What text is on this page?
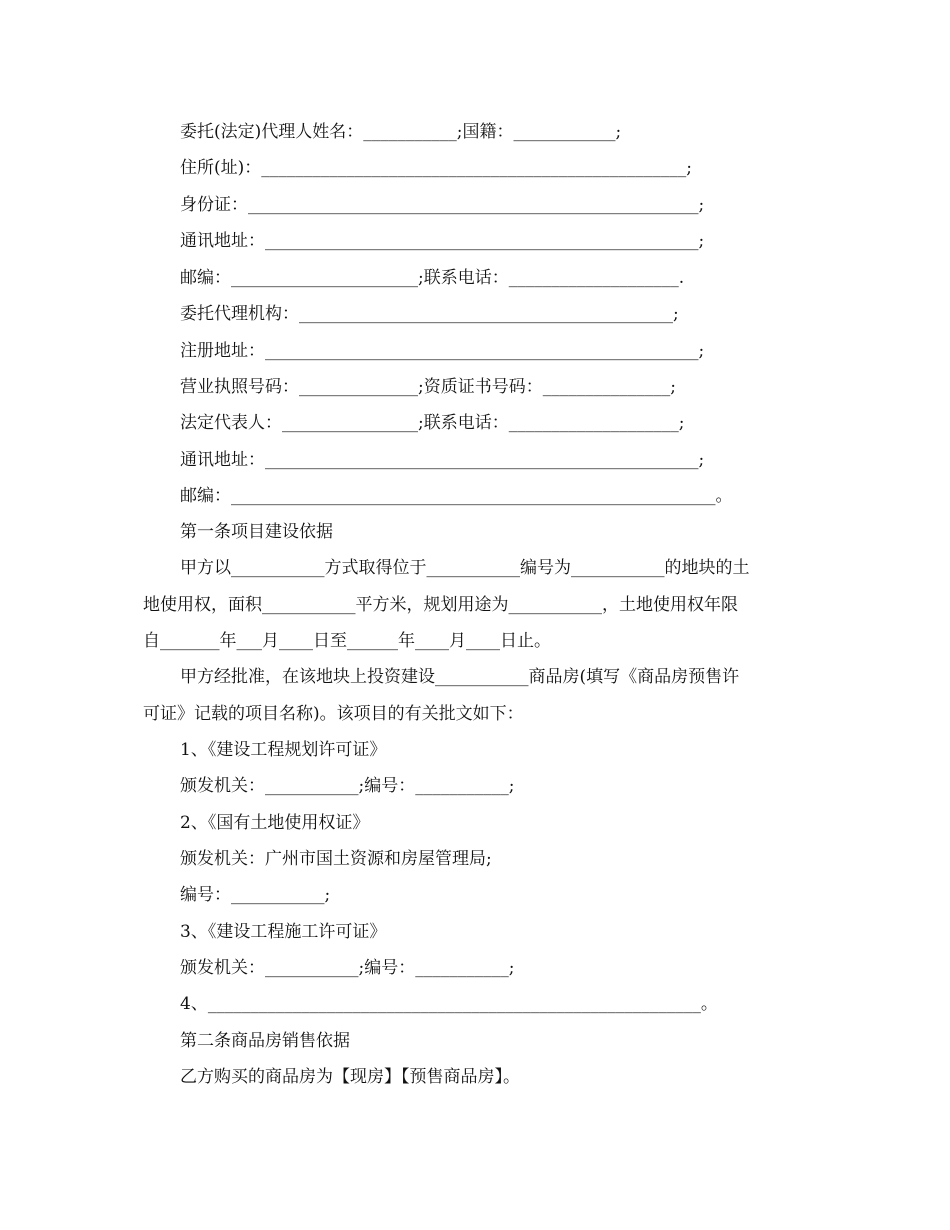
委托(法定)代理人姓名：___________;国籍：____________;
住所(址)：__________________________________________________;
身份证：_____________________________________________________;
通讯地址：___________________________________________________;
邮编：______________________;联系电话：____________________.
委托代理机构：____________________________________________;
注册地址：___________________________________________________;
营业执照号码：______________;资质证书号码：_______________;
法定代表人：________________;联系电话：____________________;
通讯地址：___________________________________________________;
邮编：_________________________________________________________。
第一条项目建设依据
甲方以___________方式取得位于___________编号为___________的地块的土
地使用权，面积___________平方米，规划用途为___________，土地使用权年限
自_______年___月____日至______年____月____日止。
甲方经批准，在该地块上投资建设___________商品房(填写《商品房预售许
可证》记载的项目名称)。该项目的有关批文如下：
1、《建设工程规划许可证》
颁发机关：___________;编号：___________;
2、《国有土地使用权证》
颁发机关：广州市国土资源和房屋管理局;
编号：___________;
3、《建设工程施工许可证》
颁发机关：___________;编号：___________;
4、__________________________________________________________。
第二条商品房销售依据
乙方购买的商品房为【现房】【预售商品房】。
